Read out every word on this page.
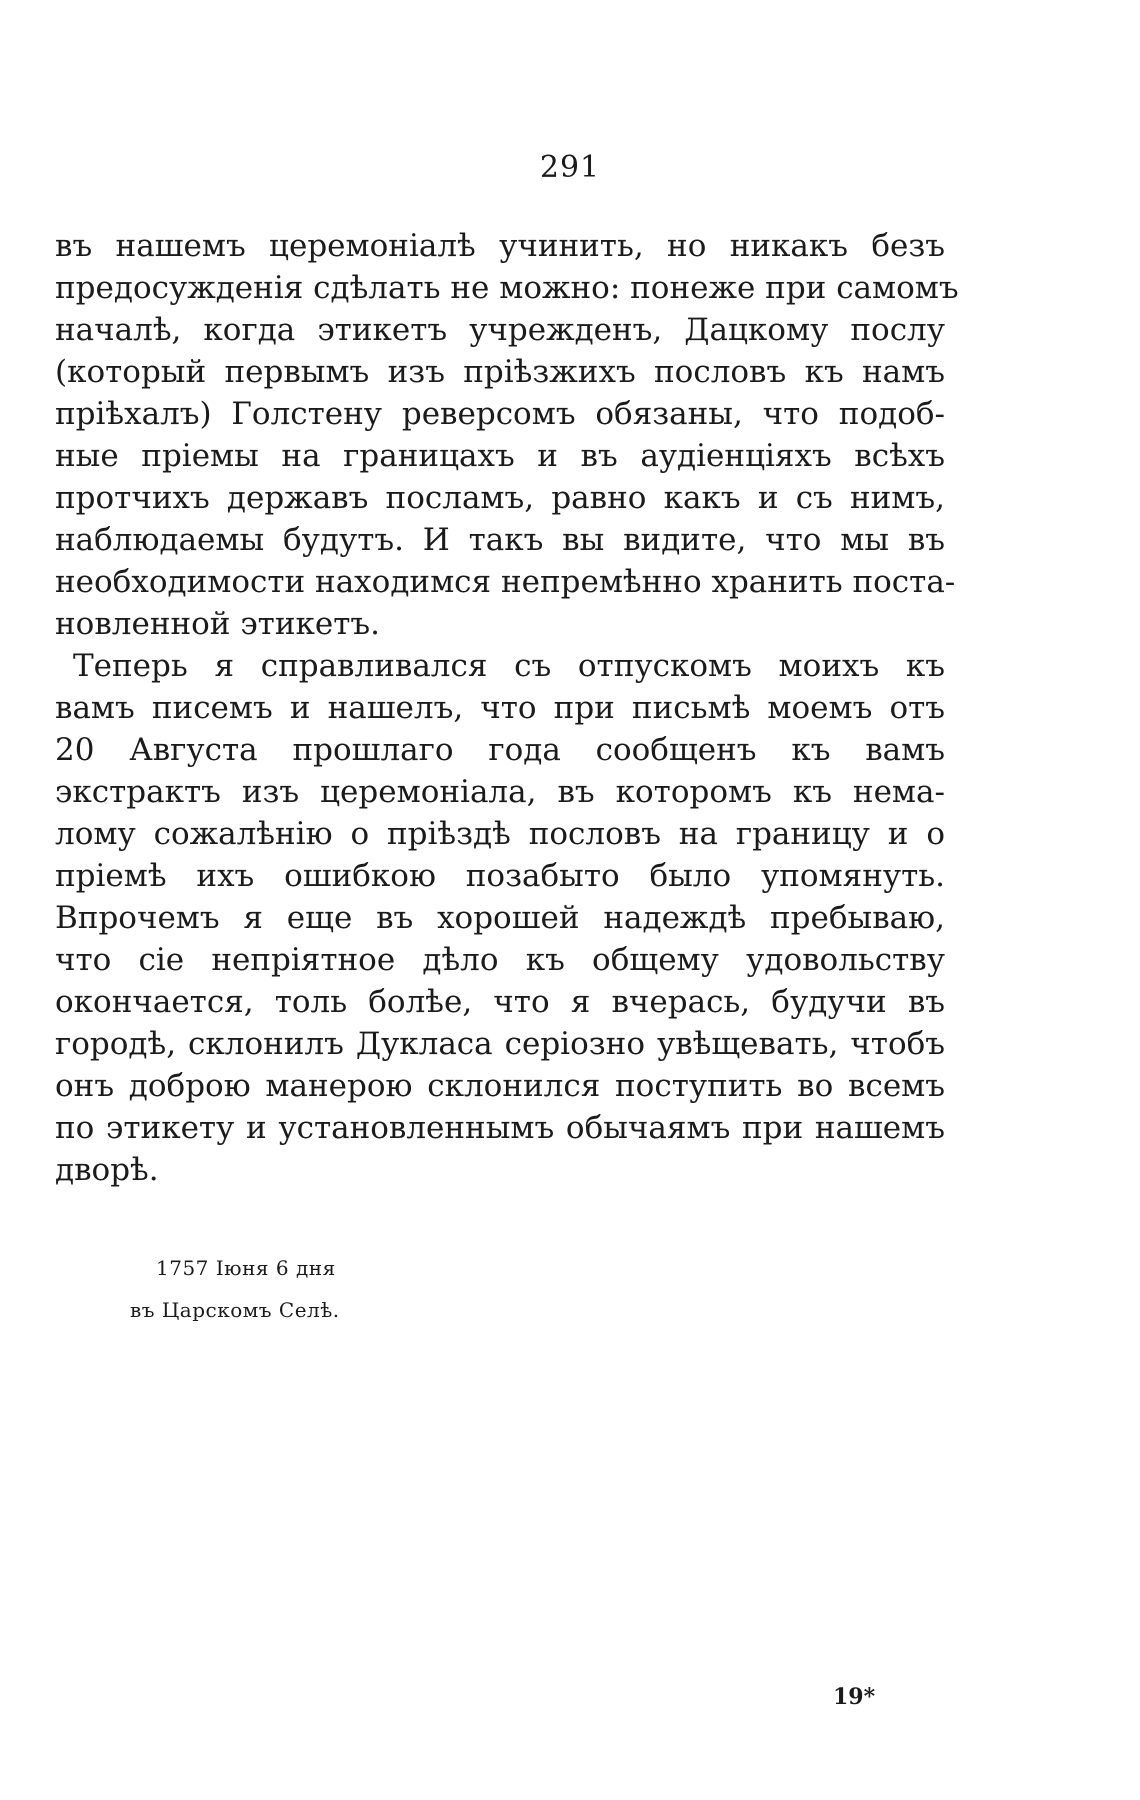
291
въ нашемъ церемоніалѣ учинить, но никакъ безъ
предосужденія сдѣлать не можно: понеже при самомъ
началѣ, когда этикетъ учрежденъ, Дацкому послу
(который первымъ изъ пріѣзжихъ пословъ къ намъ
пріѣхалъ) Голстену реверсомъ обязаны, что подоб-
ные пріемы на границахъ и въ аудіенціяхъ всѣхъ
протчихъ державъ посламъ, равно какъ и съ нимъ,
наблюдаемы будутъ. И такъ вы видите, что мы въ
необходимости находимся непремѣнно хранить поста-
новленной этикетъ.
Теперь я справливался съ отпускомъ моихъ къ
вамъ писемъ и нашелъ, что при письмѣ моемъ отъ
20 Августа прошлаго года сообщенъ къ вамъ
экстрактъ изъ церемоніала, въ которомъ къ нема-
лому сожалѣнію о пріѣздѣ пословъ на границу и о
пріемѣ ихъ ошибкою позабыто было упомянуть.
Впрочемъ я еще въ хорошей надеждѣ пребываю,
что сіе непріятное дѣло къ общему удовольству
окончается, толь болѣе, что я вчерась, будучи въ
городѣ, склонилъ Дукласа серіозно увѣщевать, чтобъ
онъ доброю манерою склонился поступить во всемъ
по этикету и установленнымъ обычаямъ при нашемъ
дворѣ.
1757 Іюня 6 дня
въ Царскомъ Селѣ.
19*
